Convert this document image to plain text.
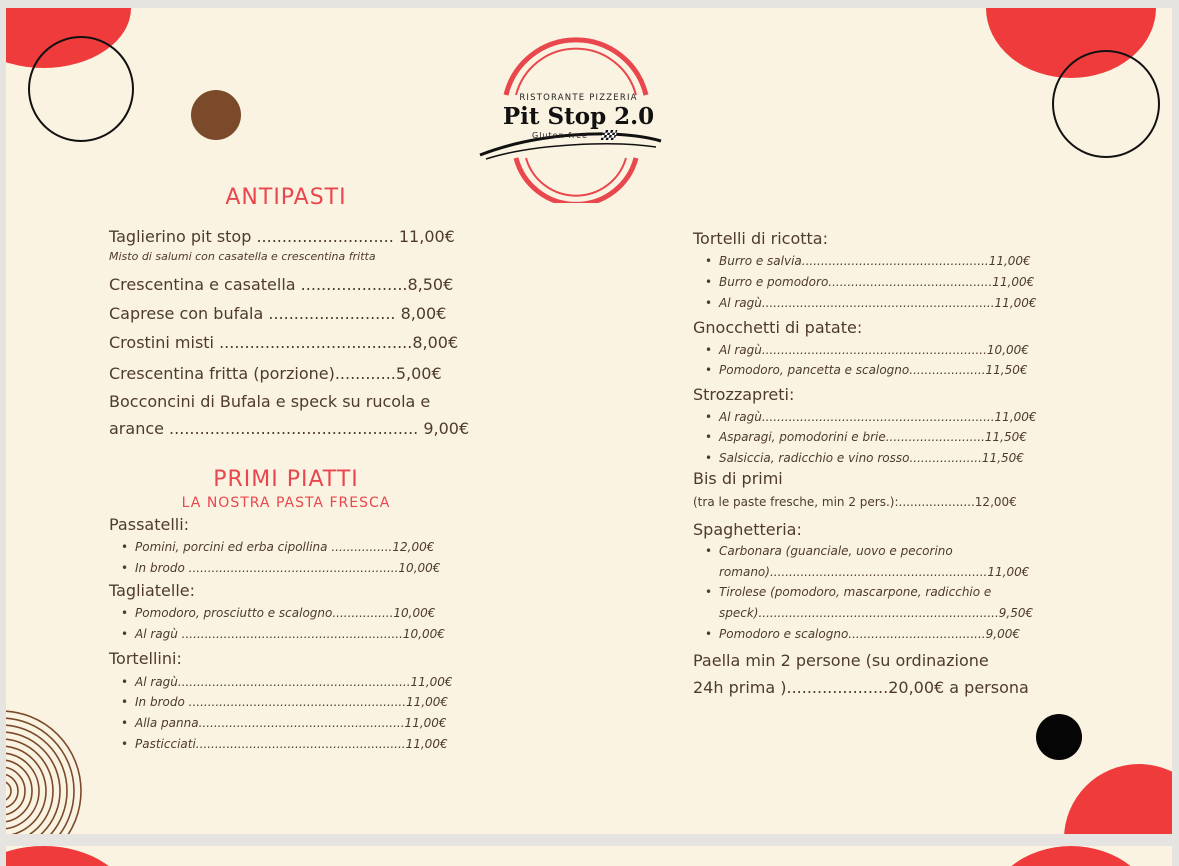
RISTORANTE PIZZERIA
Pit Stop 2.0
Gluten free
ANTIPASTI
Taglierino pit stop ........................... 11,00€
Misto di salumi con casatella e crescentina fritta
Crescentina e casatella .....................8,50€
Caprese con bufala ......................... 8,00€
Crostini misti ......................................8,00€
Crescentina fritta (porzione)............5,00€
Bocconcini di Bufala e speck su rucola e
arance ................................................. 9,00€
PRIMI PIATTI
LA NOSTRA PASTA FRESCA
Passatelli:
• Pomini, porcini ed erba cipollina ................12,00€
• In brodo .......................................................10,00€
Tagliatelle:
• Pomodoro, prosciutto e scalogno................10,00€
• Al ragù ..........................................................10,00€
Tortellini:
• Al ragù.............................................................11,00€
• In brodo .........................................................11,00€
• Alla panna......................................................11,00€
• Pasticciati.......................................................11,00€
Tortelli di ricotta:
• Burro e salvia.................................................11,00€
• Burro e pomodoro...........................................11,00€
• Al ragù.............................................................11,00€
Gnocchetti di patate:
• Al ragù...........................................................10,00€
• Pomodoro, pancetta e scalogno....................11,50€
Strozzapreti:
• Al ragù.............................................................11,00€
• Asparagi, pomodorini e brie..........................11,50€
• Salsiccia, radicchio e vino rosso...................11,50€
Bis di primi
(tra le paste fresche, min 2 pers.):....................12,00€
Spaghetteria:
• Carbonara (guanciale, uovo e pecorino
romano).........................................................11,00€
• Tirolese (pomodoro, mascarpone, radicchio e
speck)...............................................................9,50€
• Pomodoro e scalogno....................................9,00€
Paella min 2 persone (su ordinazione
24h prima )....................20,00€ a persona
